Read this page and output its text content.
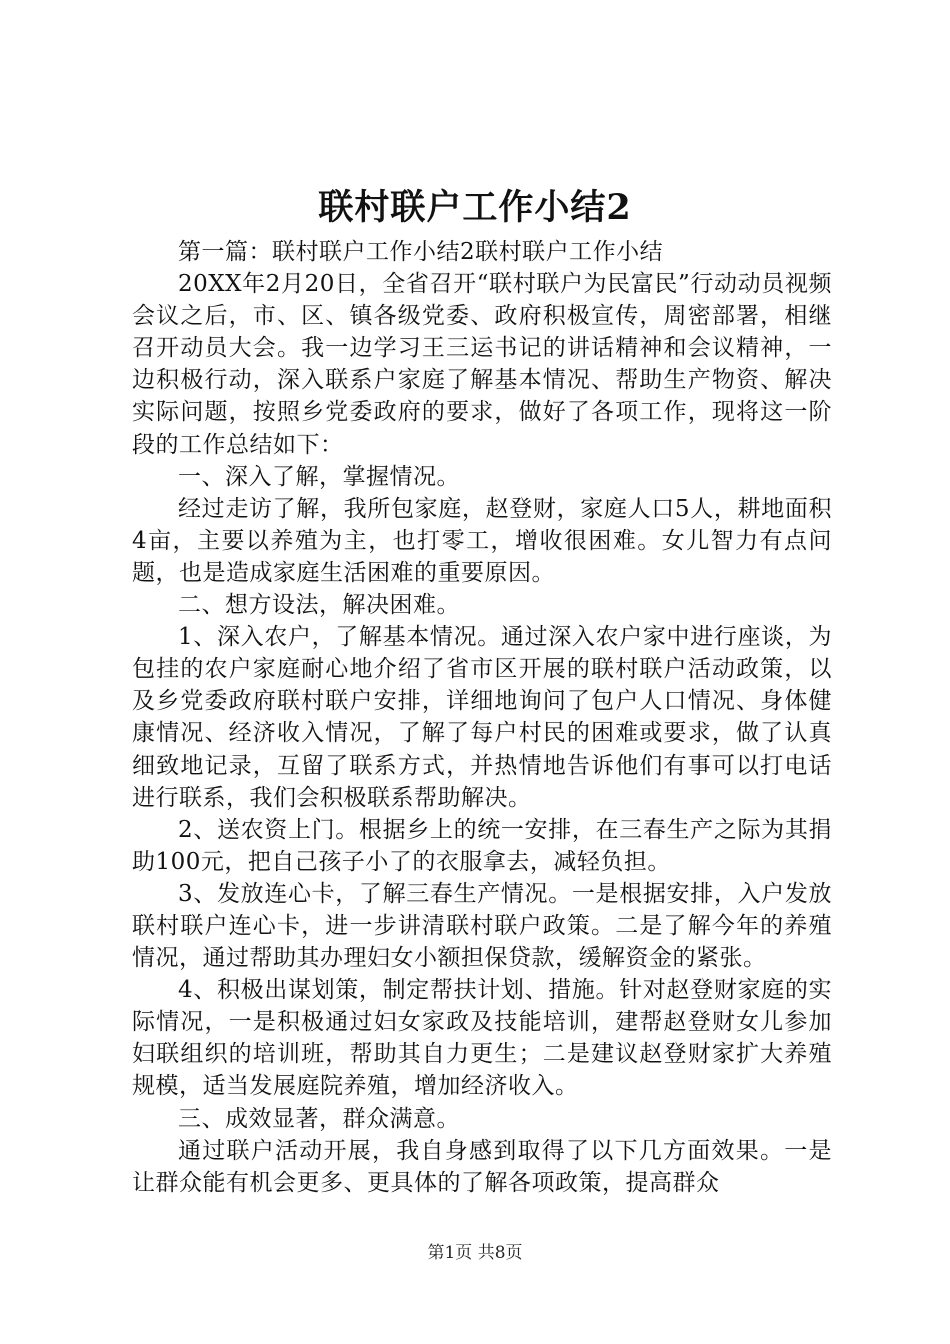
联村联户工作小结2

第一篇：联村联户工作小结2联村联户工作小结

20XX年2月20日，全省召开“联村联户为民富民”行动动员视频会议之后，市、区、镇各级党委、政府积极宣传，周密部署，相继召开动员大会。我一边学习王三运书记的讲话精神和会议精神，一边积极行动，深入联系户家庭了解基本情况、帮助生产物资、解决实际问题，按照乡党委政府的要求，做好了各项工作，现将这一阶段的工作总结如下：

一、深入了解，掌握情况。

经过走访了解，我所包家庭，赵登财，家庭人口5人，耕地面积4亩，主要以养殖为主，也打零工，增收很困难。女儿智力有点问题，也是造成家庭生活困难的重要原因。

二、想方设法，解决困难。

1、深入农户，了解基本情况。通过深入农户家中进行座谈，为包挂的农户家庭耐心地介绍了省市区开展的联村联户活动政策，以及乡党委政府联村联户安排，详细地询问了包户人口情况、身体健康情况、经济收入情况，了解了每户村民的困难或要求，做了认真细致地记录，互留了联系方式，并热情地告诉他们有事可以打电话进行联系，我们会积极联系帮助解决。

2、送农资上门。根据乡上的统一安排，在三春生产之际为其捐助100元，把自己孩子小了的衣服拿去，减轻负担。

3、发放连心卡，了解三春生产情况。一是根据安排，入户发放联村联户连心卡，进一步讲清联村联户政策。二是了解今年的养殖情况，通过帮助其办理妇女小额担保贷款，缓解资金的紧张。

4、积极出谋划策，制定帮扶计划、措施。针对赵登财家庭的实际情况，一是积极通过妇女家政及技能培训，建帮赵登财女儿参加妇联组织的培训班，帮助其自力更生；二是建议赵登财家扩大养殖规模，适当发展庭院养殖，增加经济收入。

三、成效显著，群众满意。

通过联户活动开展，我自身感到取得了以下几方面效果。一是让群众能有机会更多、更具体的了解各项政策，提高群众

第1页 共8页
